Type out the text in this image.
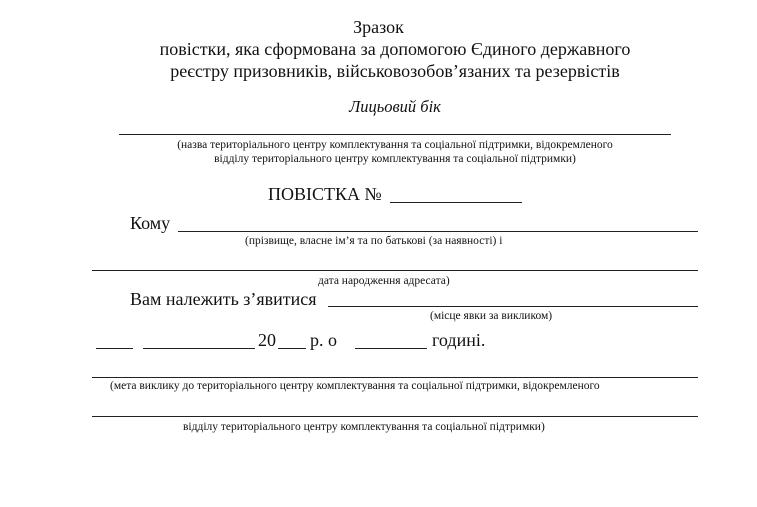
Зразок
повістки, яка сформована за допомогою Єдиного державного
реєстру призовників, військовозобов’язаних та резервістів
Лицьовий бік
(назва територіального центру комплектування та соціальної підтримки, відокремленого
відділу територіального центру комплектування та соціальної підтримки)
ПОВІСТКА №
Кому
(прізвище, власне ім’я та по батькові (за наявності) і
дата народження адресата)
Вам належить з’явитися
(місце явки за викликом)
20 р. о	годині.
(мета виклику до територіального центру комплектування та соціальної підтримки, відокремленого
відділу територіального центру комплектування та соціальної підтримки)
